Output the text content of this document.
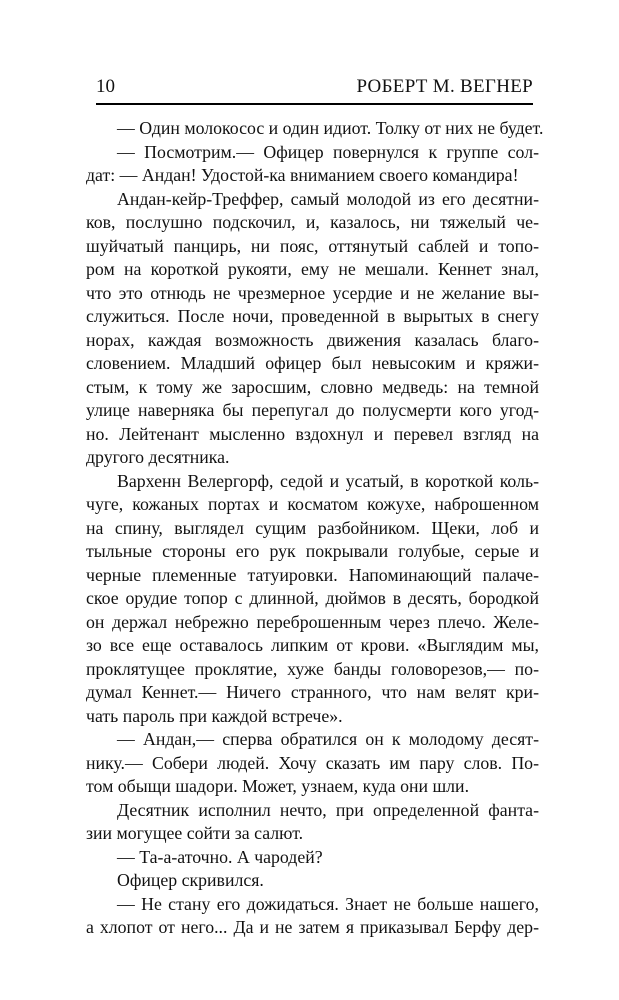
10	РОБЕРТ М. ВЕГНЕР
— Один молокосос и один идиот. Толку от них не будет.
— Посмотрим.— Офицер повернулся к группе сол-
дат: — Андан! Удостой-ка вниманием своего командира!
Андан-кейр-Треффер, самый молодой из его десятни-
ков, послушно подскочил, и, казалось, ни тяжелый че-
шуйчатый панцирь, ни пояс, оттянутый саблей и топо-
ром на короткой рукояти, ему не мешали. Кеннет знал,
что это отнюдь не чрезмерное усердие и не желание вы-
служиться. После ночи, проведенной в вырытых в снегу
норах, каждая возможность движения казалась благо-
словением. Младший офицер был невысоким и кряжи-
стым, к тому же заросшим, словно медведь: на темной
улице наверняка бы перепугал до полусмерти кого угод-
но. Лейтенант мысленно вздохнул и перевел взгляд на
другого десятника.
Вархенн Велергорф, седой и усатый, в короткой коль-
чуге, кожаных портах и косматом кожухе, наброшенном
на спину, выглядел сущим разбойником. Щеки, лоб и
тыльные стороны его рук покрывали голубые, серые и
черные племенные татуировки. Напоминающий палаче-
ское орудие топор с длинной, дюймов в десять, бородкой
он держал небрежно переброшенным через плечо. Желе-
зо все еще оставалось липким от крови. «Выглядим мы,
проклятущее проклятие, хуже банды головорезов,— по-
думал Кеннет.— Ничего странного, что нам велят кри-
чать пароль при каждой встрече».
— Андан,— сперва обратился он к молодому десят-
нику.— Собери людей. Хочу сказать им пару слов. По-
том обыщи шадори. Может, узнаем, куда они шли.
Десятник исполнил нечто, при определенной фанта-
зии могущее сойти за салют.
— Та-а-аточно. А чародей?
Офицер скривился.
— Не стану его дожидаться. Знает не больше нашего,
а хлопот от него... Да и не затем я приказывал Берфу дер-
